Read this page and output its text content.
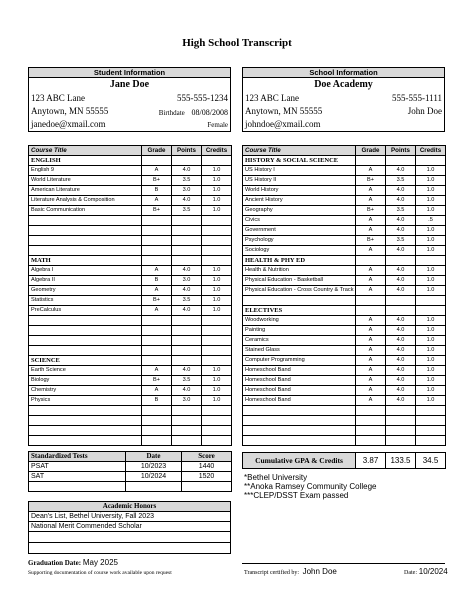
High School Transcript
Student Information
Jane Doe
123 ABC Lane	555-555-1234
Anytown, MN 55555	Birthdate 08/08/2008
janedoe@xmail.com	Female
School Information
Doe Academy
123 ABC Lane	555-555-1111
Anytown, MN 55555	John Doe
johndoe@xmail.com
Course Title	Grade	Points	Credits
ENGLISH			
English 9	A	4.0	1.0
World Literature	B+	3.5	1.0
American Literature	B	3.0	1.0
Literature Analysis & Composition	A	4.0	1.0
Basic Communication	B+	3.5	1.0

MATH			
Algebra I	A	4.0	1.0
Algebra II	B	3.0	1.0
Geometry	A	4.0	1.0
Statistics	B+	3.5	1.0
PreCalculus	A	4.0	1.0

SCIENCE			
Earth Science	A	4.0	1.0
Biology	B+	3.5	1.0
Chemistry	A	4.0	1.0
Physics	B	3.0	1.0

Course Title	Grade	Points	Credits
HISTORY & SOCIAL SCIENCE			
US History I	A	4.0	1.0
US History II	B+	3.5	1.0
World History	A	4.0	1.0
Ancient History	A	4.0	1.0
Geography	B+	3.5	1.0
Civics	A	4.0	.5
Government	A	4.0	1.0
Psychology	B+	3.5	1.0
Sociology	A	4.0	1.0
HEALTH & PHY ED			
Health & Nutrition	A	4.0	1.0
Physical Education - Basketball	A	4.0	1.0
Physical Education - Cross Country & Track	A	4.0	1.0

ELECTIVES			
Woodworking	A	4.0	1.0
Painting	A	4.0	1.0
Ceramics	A	4.0	1.0
Stained Glass	A	4.0	1.0
Computer Programming	A	4.0	1.0
Homeschool Band	A	4.0	1.0
Homeschool Band	A	4.0	1.0
Homeschool Band	A	4.0	1.0
Homeschool Band	A	4.0	1.0

Standardized Tests	Date	Score
PSAT	10/2023	1440
SAT	10/2024	1520

Academic Honors
Dean's List, Bethel University, Fall 2023
National Merit Commended Scholar

Cumulative GPA & Credits	3.87	133.5	34.5
*Bethel University
**Anoka Ramsey Community College
***CLEP/DSST Exam passed
Graduation Date: May 2025
Supporting documentation of course work available upon request	Transcript certified by: John Doe	Date: 10/2024
